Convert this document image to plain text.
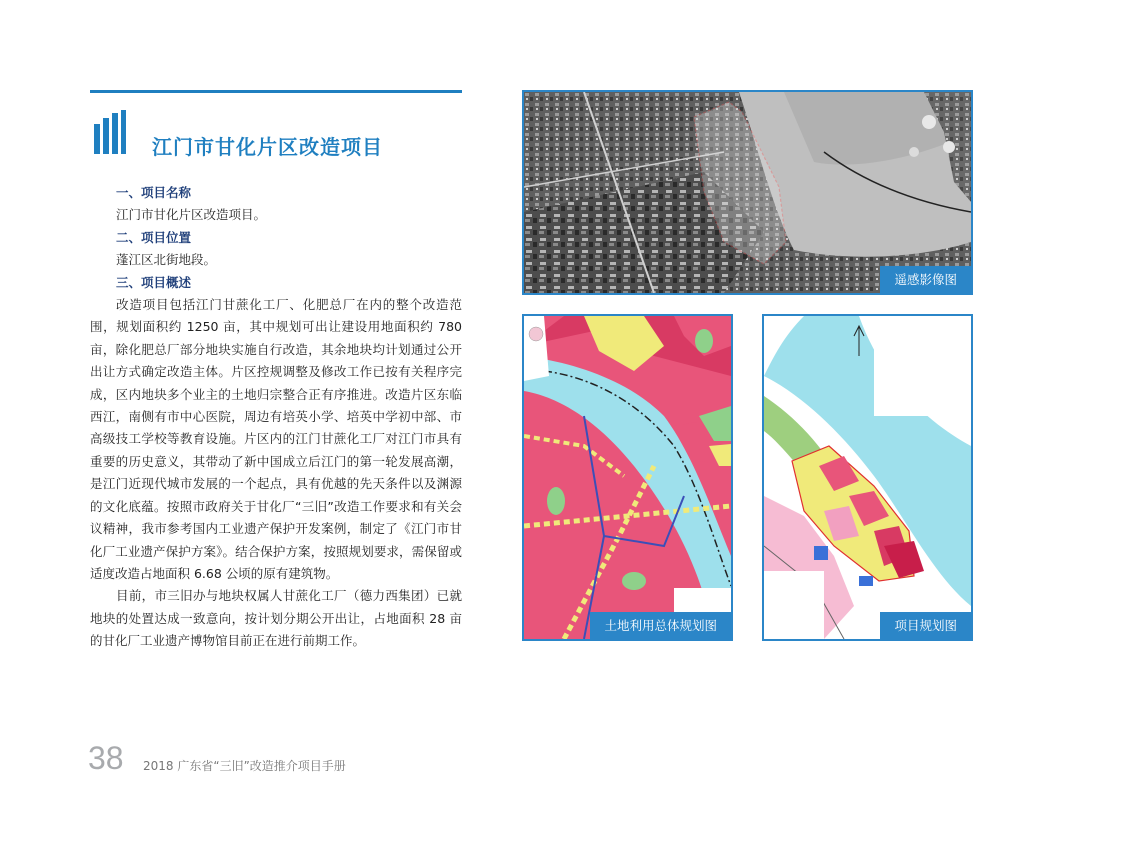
江门市甘化片区改造项目
一、项目名称
江门市甘化片区改造项目。
二、项目位置
蓬江区北街地段。
三、项目概述
改造项目包括江门甘蔗化工厂、化肥总厂在内的整个改造范围，规划面积约 1250 亩，其中规划可出让建设用地面积约 780 亩，除化肥总厂部分地块实施自行改造，其余地块均计划通过公开出让方式确定改造主体。片区控规调整及修改工作已按有关程序完成，区内地块多个业主的土地归宗整合正有序推进。改造片区东临西江，南侧有市中心医院，周边有培英小学、培英中学初中部、市高级技工学校等教育设施。片区内的江门甘蔗化工厂对江门市具有重要的历史意义，其带动了新中国成立后江门的第一轮发展高潮，是江门近现代城市发展的一个起点，具有优越的先天条件以及渊源的文化底蕴。按照市政府关于甘化厂“三旧”改造工作要求和有关会议精神，我市参考国内工业遗产保护开发案例，制定了《江门市甘化厂工业遗产保护方案》。结合保护方案，按照规划要求，需保留或适度改造占地面积 6.68 公顷的原有建筑物。
目前，市三旧办与地块权属人甘蔗化工厂（德力西集团）已就地块的处置达成一致意向，按计划分期公开出让，占地面积 28 亩的甘化厂工业遗产博物馆目前正在进行前期工作。
遥感影像图
土地利用总体规划图	项目规划图
38 2018 广东省“三旧”改造推介项目手册
